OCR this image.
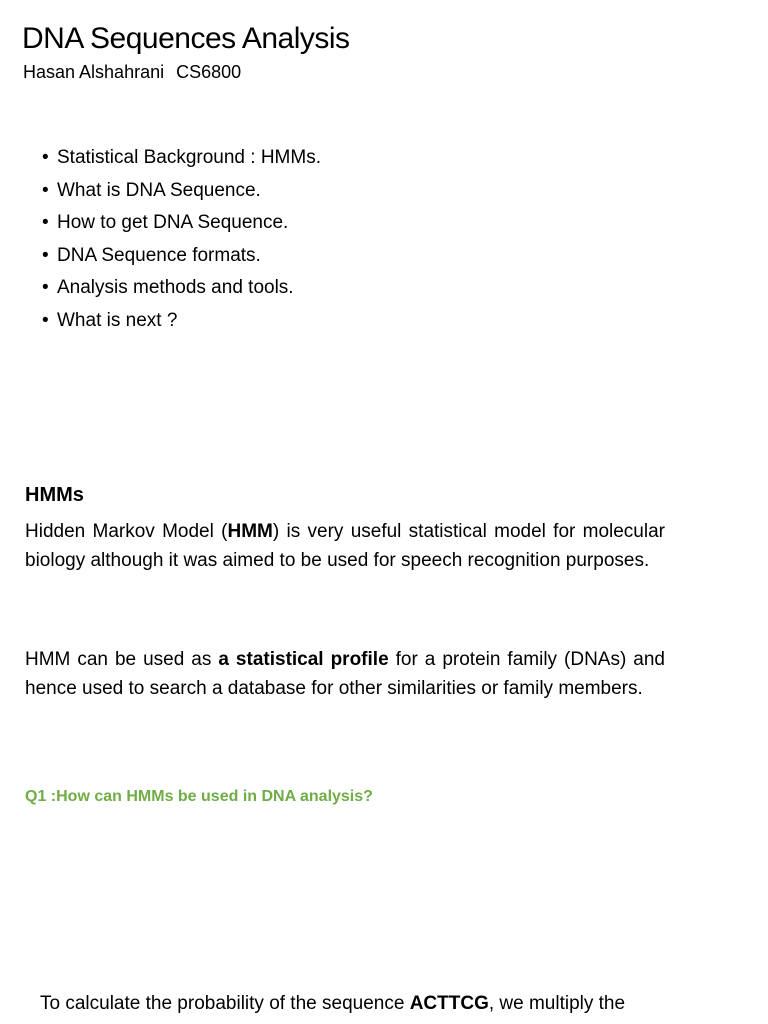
DNA Sequences Analysis
Hasan Alshahrani CS6800
• Statistical Background : HMMs.
• What is DNA Sequence.
• How to get DNA Sequence.
• DNA Sequence formats.
• Analysis methods and tools.
• What is next ?
HMMs

Hidden Markov Model (HMM) is very useful statistical model for molecular biology although it was aimed to be used for speech recognition purposes.

HMM can be used as a statistical profile for a protein family (DNAs) and hence used to search a database for other similarities or family members.

Q1 :How can HMMs be used in DNA analysis?

To calculate the probability of the sequence ACTTCG, we multiply the
